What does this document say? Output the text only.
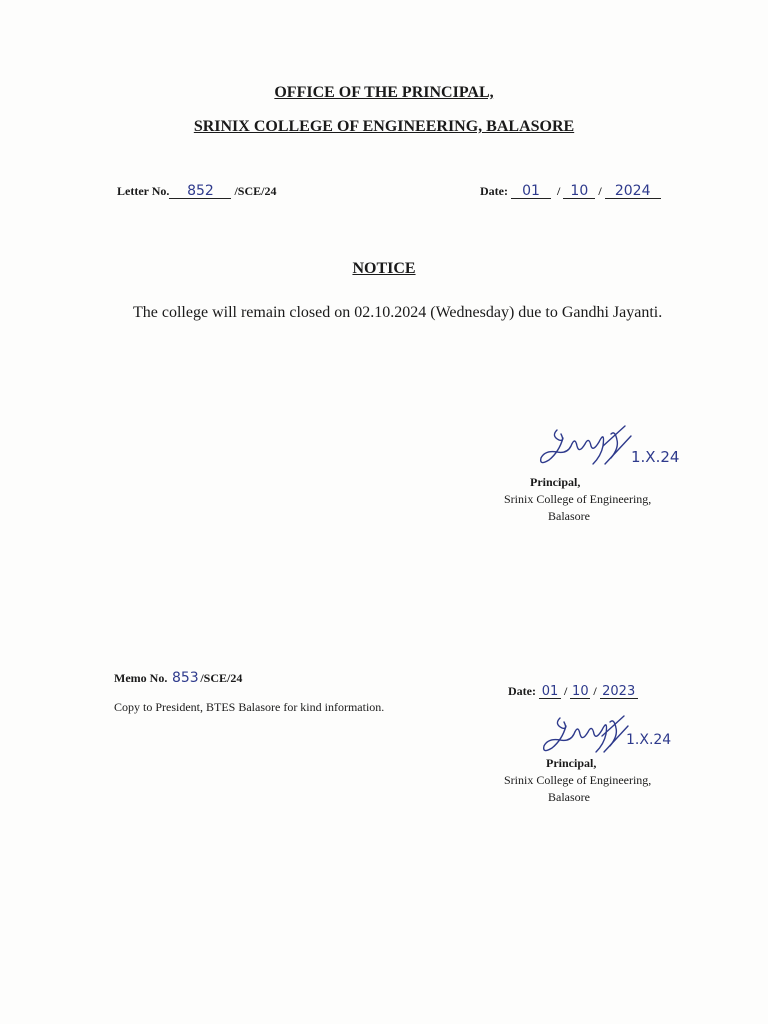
OFFICE OF THE PRINCIPAL,
SRINIX COLLEGE OF ENGINEERING, BALASORE
Letter No. 852 /SCE/24	Date: 01 / 10 / 2024
NOTICE
The college will remain closed on 02.10.2024 (Wednesday) due to Gandhi Jayanti.
1.X.24
Principal,
Srinix College of Engineering,
Balasore
Memo No. 853 /SCE/24
Copy to President, BTES Balasore for kind information.
Date: 01 / 10 / 2023
1.X.24
Principal,
Srinix College of Engineering,
Balasore
